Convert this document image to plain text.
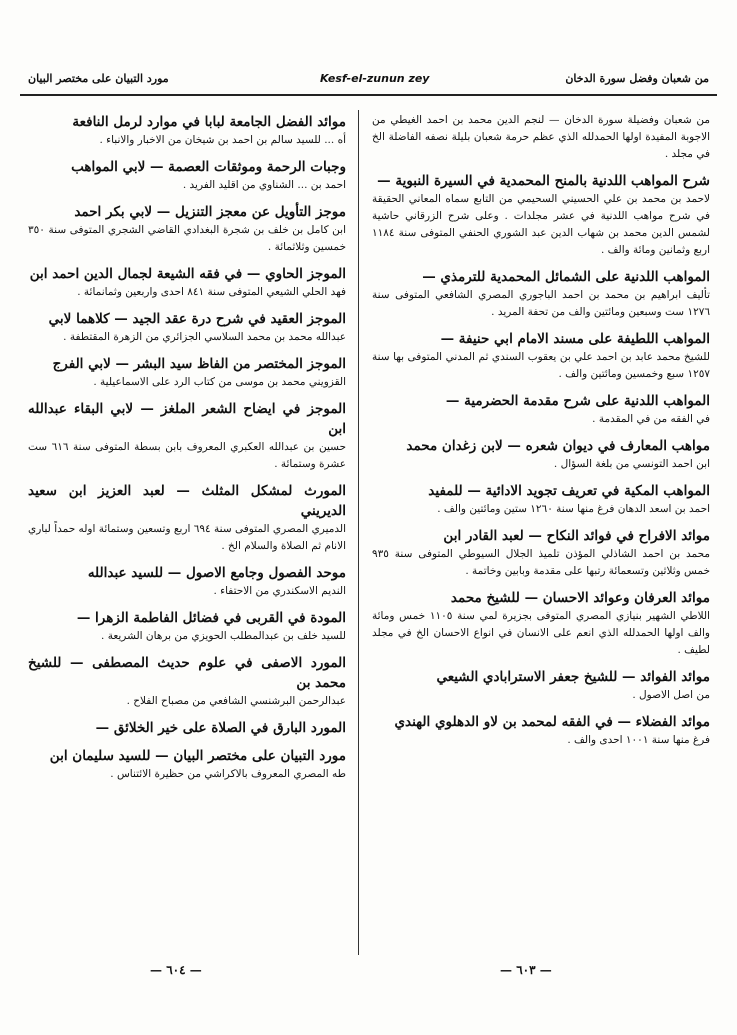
مورد التبيان على مختصر البيان	Kesf-el-zunun zey	من شعبان وفضل سورة الدخان

موائد الفضل الجامعة لبابا في موارد لرمل النافعة

أه ... للسيد سالم بن احمد بن شيخان من الاخبار والانباء .

وجبات الرحمة وموثقات العصمة — لابي المواهب

احمد بن ... الشناوي من اقليد الفريد .

موجز التأويل عن معجز التنزيل — لابي بكر احمد

ابن كامل بن خلف بن شجرة البغدادي القاضي الشجري المتوفى سنة ٣٥٠ خمسين وثلاثمائة .

الموجز الحاوي — في فقه الشيعة لجمال الدين احمد ابن

فهد الحلي الشيعي المتوفى سنة ٨٤١ احدى واربعين وثمانمائة .

الموجز العقيد في شرح درة عقد الجيد — كلاهما لابي

عبدالله محمد بن محمد السلاسي الجزائري من الزهرة المقتطفة .

الموجز المختصر من الفاظ سيد البشر — لابي الفرج

القزويني محمد بن موسى من كتاب الرد على الاسماعيلية .

الموجز في ايضاح الشعر الملغز — لابي البقاء عبدالله ابن

حسين بن عبدالله العكبري المعروف بابن بسطة المتوفى سنة ٦١٦ ست عشرة وستمائة .

المورث لمشكل المثلث — لعبد العزيز ابن سعيد الديريني

الدميري المصري المتوفى سنة ٦٩٤ اربع وتسعين وستمائة اوله حمداً لباري الانام ثم الصلاة والسلام الخ .

موحد الفصول وجامع الاصول — للسيد عبدالله

النديم الاسكندري من الاحتفاء .

المودة في القربى في فضائل الفاطمة الزهرا —

للسيد خلف بن عبدالمطلب الحويزي من برهان الشريعة .

المورد الاصفى في علوم حديث المصطفى — للشيخ محمد بن

عبدالرحمن البرشنسي الشافعي من مصباح الفلاح .

المورد البارق في الصلاة على خير الخلائق —

مورد التبيان على مختصر البيان — للسيد سليمان ابن

طه المصري المعروف بالاكراشي من حظيرة الائتناس .

من شعبان وفضيلة سورة الدخان — لنجم الدين محمد بن احمد الغيطي من الاجوبة المفيدة اولها الحمدلله الذي عظم حرمة شعبان بليلة نصفه الفاضلة الخ في مجلد .

شرح المواهب اللدنية بالمنح المحمدية في السيرة النبوية —

لاحمد بن محمد بن علي الحسيني السحيمي من التابع سماه المعاني الحقيقة في شرح مواهب اللدنية في عشر مجلدات . وعلى شرح الزرقاني حاشية لشمس الدين محمد بن شهاب الدين عبد الشوري الحنفي المتوفى سنة ١١٨٤ اربع وثمانين ومائة والف .

المواهب اللدنية على الشمائل المحمدية للترمذي —

تأليف ابراهيم بن محمد بن احمد الباجوري المصري الشافعي المتوفى سنة ١٢٧٦ ست وسبعين ومائتين والف من تحفة المريد .

المواهب اللطيفة على مسند الامام ابي حنيفة —

للشيخ محمد عابد بن احمد علي بن يعقوب السندي ثم المدني المتوفى بها سنة ١٢٥٧ سبع وخمسين ومائتين والف .

المواهب اللدنية على شرح مقدمة الحضرمية —

في الفقه من في المقدمة .

مواهب المعارف في ديوان شعره — لابن زغدان محمد

ابن احمد التونسي من بلغة السؤال .

المواهب المكية في تعريف تجويد الادائية — للمفيد

احمد بن اسعد الدهان فرغ منها سنة ١٢٦٠ ستين ومائتين والف .

موائد الافراح في فوائد النكاح — لعبد القادر ابن

محمد بن احمد الشاذلي المؤذن تلميذ الجلال السيوطي المتوفى سنة ٩٣٥ خمس وثلاثين وتسعمائة رتبها على مقدمة وبابين وخاتمة .

موائد العرفان وعوائد الاحسان — للشيخ محمد

اللاطي الشهير بنيازي المصري المتوفى بجزيرة لمي سنة ١١٠٥ خمس ومائة والف اولها الحمدلله الذي انعم على الانسان في انواع الاحسان الخ في مجلد لطيف .

موائد الفوائد — للشيخ جعفر الاسترابادي الشيعي

من اصل الاصول .

موائد الفضلاء — في الفقه لمحمد بن لاو الدهلوي الهندي

فرغ منها سنة ١٠٠١ احدى والف .

— ٦٠٤ —	— ٦٠٣ —
